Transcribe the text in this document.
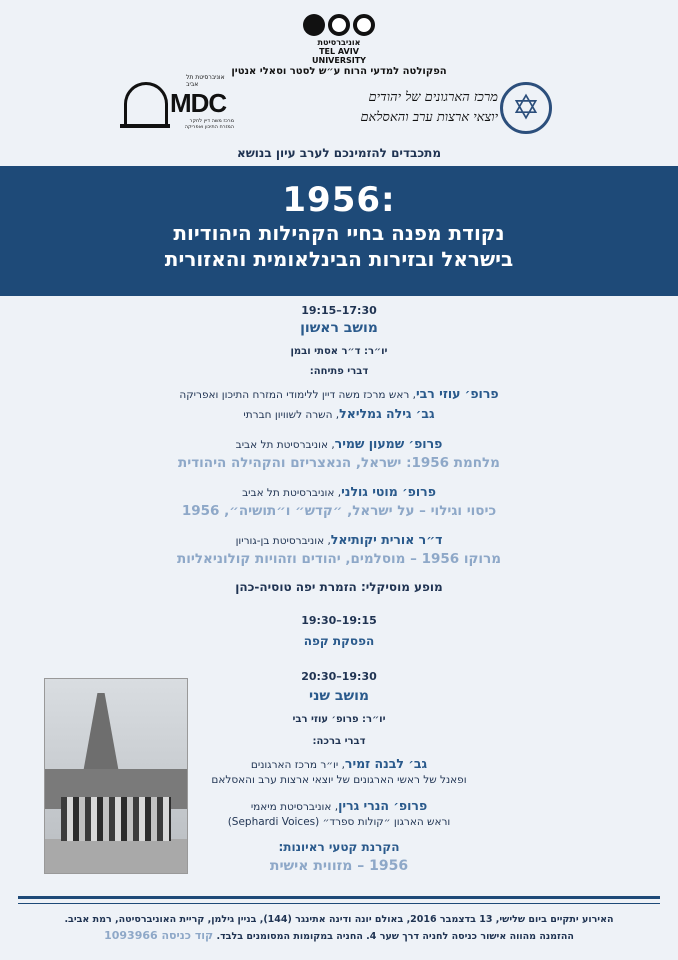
אוניברסיטת
TEL AVIV
UNIVERSITY
הפקולטה למדעי הרוח ע״ש לסטר וסאלי אנטין
אוניברסיטת תל אביב
MDC
מרכז משה דיין לחקר המזרח התיכון ואפריקה
מרכז הארגונים של יהודים
יוצאי ארצות ערב והאסלאם ✡
מתכבדים להזמינכם לערב עיון בנושא
1956:
נקודת מפנה בחיי הקהילות היהודיות
בישראל ובזירות הבינלאומית והאזורית
17:30–19:15
מושב ראשון
יו״ר: ד״ר אסתי ובמן
דברי פתיחה:
פרופ׳ עוזי רבי, ראש מרכז משה דיין ללימודי המזרח התיכון ואפריקה
גב׳ גילה גמליאל, השרה לשוויון חברתי
פרופ׳ שמעון שמיר, אוניברסיטת תל אביב
מלחמת 1956: ישראל, הנאצריזם והקהילה היהודית
פרופ׳ מוטי גולני, אוניברסיטת תל אביב
כיסוי וגילוי – על ישראל, ״קדש״ ו״תושיה״, 1956
ד״ר אורית יקותיאל, אוניברסיטת בן-גוריון
מרוקו 1956 – מוסלמים, יהודים וזהויות קולוניאליות
מופע מוסיקלי: הזמרת יפה טוסיה-כהן
19:15–19:30
הפסקת קפה
19:30–20:30
מושב שני
יו״ר: פרופ׳ עוזי רבי
דברי ברכה:
גב׳ לבנה זמיר, יו״ר מרכז הארגונים
ופאנל של ראשי הארגונים של יוצאי ארצות ערב והאסלאם
פרופ׳ הנרי גרין, אוניברסיטת מיאמי
וראש הארגון ״קולות ספרד״ (Sephardi Voices)
הקרנת קטעי ראיונות:
1956 – מזווית אישית
האירוע יתקיים ביום שלישי, 13 בדצמבר 2016, באולם יונה ודינה אתינגר (144), בניין גילמן, קריית האוניברסיטה, רמת אביב.
ההזמנה מהווה אישור כניסה לחניה דרך שער 4. החניה במקומות המסומנים בלבד. קוד כניסה 1093966
